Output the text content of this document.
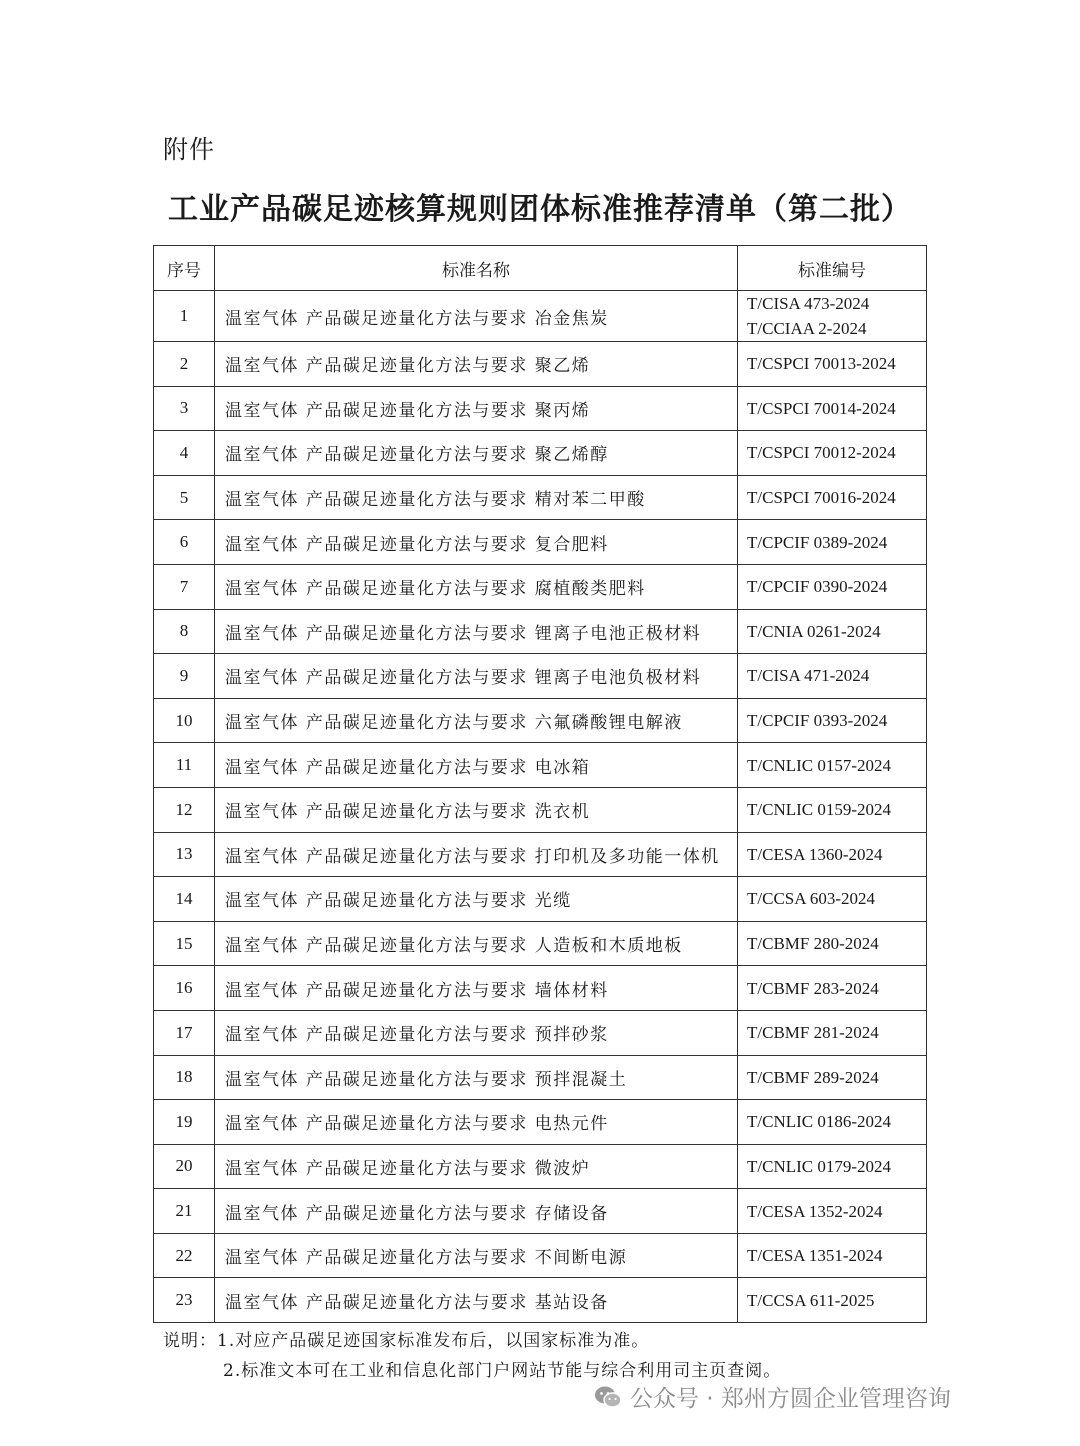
附件
工业产品碳足迹核算规则团体标准推荐清单（第二批）
序号	标准名称	标准编号
1	温室气体 产品碳足迹量化方法与要求 冶金焦炭	T/CISA 473-2024
T/CCIAA 2-2024

2	温室气体 产品碳足迹量化方法与要求 聚乙烯	T/CSPCI 70013-2024

3	温室气体 产品碳足迹量化方法与要求 聚丙烯	T/CSPCI 70014-2024

4	温室气体 产品碳足迹量化方法与要求 聚乙烯醇	T/CSPCI 70012-2024

5	温室气体 产品碳足迹量化方法与要求 精对苯二甲酸	T/CSPCI 70016-2024

6	温室气体 产品碳足迹量化方法与要求 复合肥料	T/CPCIF 0389-2024

7	温室气体 产品碳足迹量化方法与要求 腐植酸类肥料	T/CPCIF 0390-2024

8	温室气体 产品碳足迹量化方法与要求 锂离子电池正极材料	T/CNIA 0261-2024

9	温室气体 产品碳足迹量化方法与要求 锂离子电池负极材料	T/CISA 471-2024

10	温室气体 产品碳足迹量化方法与要求 六氟磷酸锂电解液	T/CPCIF 0393-2024

11	温室气体 产品碳足迹量化方法与要求 电冰箱	T/CNLIC 0157-2024

12	温室气体 产品碳足迹量化方法与要求 洗衣机	T/CNLIC 0159-2024

13	温室气体 产品碳足迹量化方法与要求 打印机及多功能一体机	T/CESA 1360-2024

14	温室气体 产品碳足迹量化方法与要求 光缆	T/CCSA 603-2024

15	温室气体 产品碳足迹量化方法与要求 人造板和木质地板	T/CBMF 280-2024

16	温室气体 产品碳足迹量化方法与要求 墙体材料	T/CBMF 283-2024

17	温室气体 产品碳足迹量化方法与要求 预拌砂浆	T/CBMF 281-2024

18	温室气体 产品碳足迹量化方法与要求 预拌混凝土	T/CBMF 289-2024

19	温室气体 产品碳足迹量化方法与要求 电热元件	T/CNLIC 0186-2024

20	温室气体 产品碳足迹量化方法与要求 微波炉	T/CNLIC 0179-2024

21	温室气体 产品碳足迹量化方法与要求 存储设备	T/CESA 1352-2024

22	温室气体 产品碳足迹量化方法与要求 不间断电源	T/CESA 1351-2024

23	温室气体 产品碳足迹量化方法与要求 基站设备	T/CCSA 611-2025
说明：1.对应产品碳足迹国家标准发布后，以国家标准为准。
2.标准文本可在工业和信息化部门户网站节能与综合利用司主页查阅。
公众号 · 郑州方圆企业管理咨询
